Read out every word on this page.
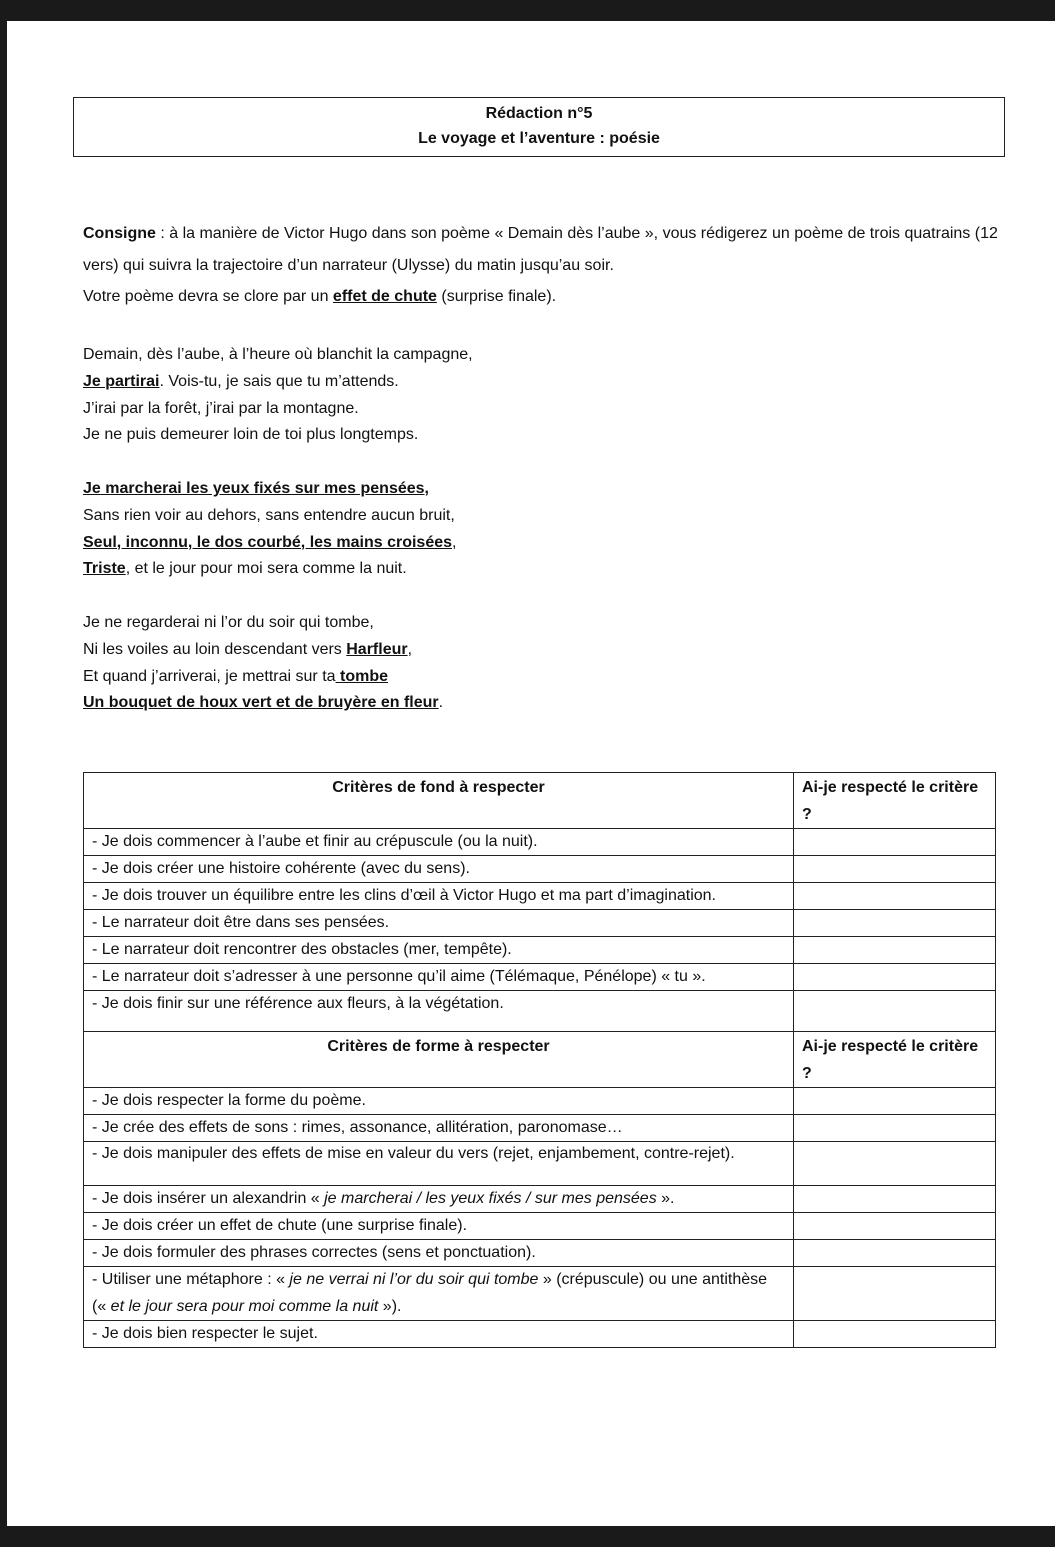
Rédaction n°5
Le voyage et l’aventure : poésie
Consigne : à la manière de Victor Hugo dans son poème « Demain dès l’aube », vous rédigerez un poème de trois quatrains (12 vers) qui suivra la trajectoire d’un narrateur (Ulysse) du matin jusqu’au soir.
Votre poème devra se clore par un effet de chute (surprise finale).
Demain, dès l’aube, à l’heure où blanchit la campagne,
Je partirai. Vois-tu, je sais que tu m’attends.
J’irai par la forêt, j’irai par la montagne.
Je ne puis demeurer loin de toi plus longtemps.
Je marcherai les yeux fixés sur mes pensées,
Sans rien voir au dehors, sans entendre aucun bruit,
Seul, inconnu, le dos courbé, les mains croisées,
Triste, et le jour pour moi sera comme la nuit.
Je ne regarderai ni l’or du soir qui tombe,
Ni les voiles au loin descendant vers Harfleur,
Et quand j’arriverai, je mettrai sur ta tombe
Un bouquet de houx vert et de bruyère en fleur.
Critères de fond à respecter	Ai-je respecté le critère ?
- Je dois commencer à l’aube et finir au crépuscule (ou la nuit).	
- Je dois créer une histoire cohérente (avec du sens).	
- Je dois trouver un équilibre entre les clins d’œil à Victor Hugo et ma part d’imagination.	
- Le narrateur doit être dans ses pensées.	
- Le narrateur doit rencontrer des obstacles (mer, tempête).	
- Le narrateur doit s’adresser à une personne qu’il aime (Télémaque, Pénélope) « tu ».	
- Je dois finir sur une référence aux fleurs, à la végétation.	
Critères de forme à respecter	Ai-je respecté le critère ?
- Je dois respecter la forme du poème.	
- Je crée des effets de sons : rimes, assonance, allitération, paronomase…	
- Je dois manipuler des effets de mise en valeur du vers (rejet, enjambement, contre-rejet).	
- Je dois insérer un alexandrin « je marcherai / les yeux fixés / sur mes pensées ».	
- Je dois créer un effet de chute (une surprise finale).	
- Je dois formuler des phrases correctes (sens et ponctuation).	
- Utiliser une métaphore : « je ne verrai ni l’or du soir qui tombe » (crépuscule) ou une antithèse (« et le jour sera pour moi comme la nuit »).	
- Je dois bien respecter le sujet.	
